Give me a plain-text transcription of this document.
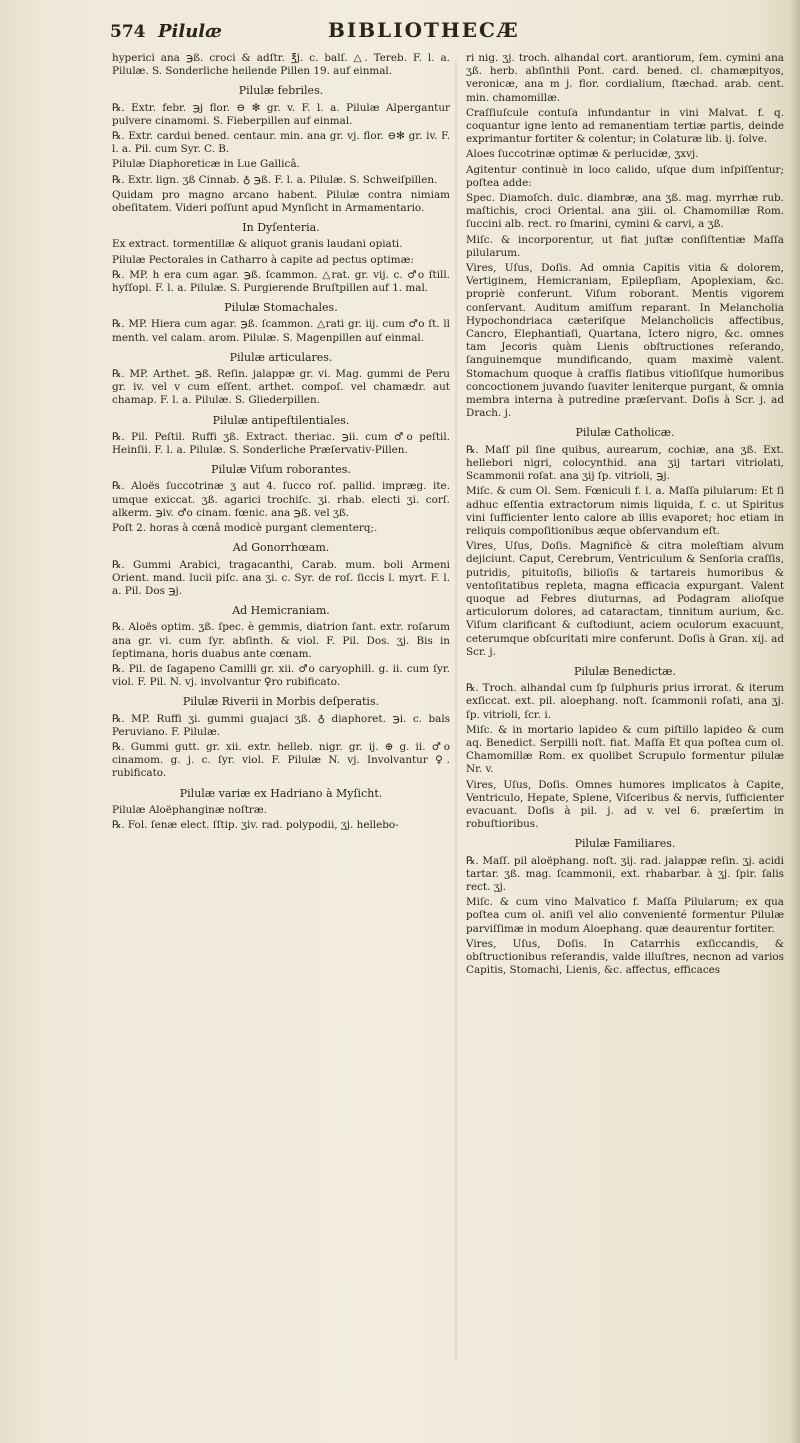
574 Pilulæ	BIBLIOTHECÆ

hyperici ana ℈ß. croci & adſtr. ℥j. c. balſ. △. Tereb. F. l. a. Pilulæ. S. Sonderliche heilende Pillen 19. auf einmal.

Pilulæ febriles.

℞. Extr. febr. ℈j flor. ⊖ ✻ gr. v. F. l. a. Pilulæ Alpergantur pulvere cinamomi. S. Fieberpillen auf einmal.

℞. Extr. cardui bened. centaur. min. ana gr. vj. flor. ⊖✻ gr. iv. F. l. a. Pil. cum Syr. C. B.

Pilulæ Diaphoreticæ in Lue Gallicâ.

℞. Extr. lign. ʒß Cinnab. ♁ ℈ß. F. l. a. Pilulæ. S. Schweiſpillen.

Quidam pro magno arcano habent. Pilulæ contra nimiam obeſitatem. Videri poſſunt apud Mynſicht in Armamentario.

In Dyſenteria.

Ex extract. tormentillæ & aliquot granis laudani opiati.

Pilulæ Pectorales in Catharro à capite ad pectus optimæ:

℞. MP. h era cum agar. ℈ß. ſcammon. △rat. gr. vij. c. ♂o ſtill. hyſſopi. F. l. a. Pilulæ. S. Purgierende Bruſtpillen auf 1. mal.

Pilulæ Stomachales.

℞. MP. Hiera cum agar. ℈ß. ſcammon. △rati gr. iij. cum ♂o ſt. ll menth. vel calam. arom. Pilulæ. S. Magenpillen auf einmal.

Pilulæ articulares.

℞. MP. Arthet. ℈ß. Reſin. jalappæ gr. vi. Mag. gummi de Peru gr. iv. vel v cum eſſent. arthet. compoſ. vel chamædr. aut chamap. F. l. a. Pilulæ. S. Gliederpillen.

Pilulæ antipeſtilentiales.

℞. Pil. Peſtil. Ruffi ʒß. Extract. theriac. ℈ii. cum ♂o peſtil. Heinſii. F. l. a. Pilulæ. S. Sonderliche Præſervativ-Pillen.

Pilulæ Viſum roborantes.

℞. Aloës ſuccotrinæ ʒ aut 4. ſucco roſ. pallid. impræg. ite. umque exiccat. ʒß. agarici trochiſc. ʒi. rhab. electi ʒi. corſ. alkerm. ℈iv. ♂o cinam. fœnic. ana ℈ß. vel ʒß.

Poſt 2. horas à cœnâ modicè purgant clementerq;.

Ad Gonorrhœam.

℞. Gummi Arabici, tragacanthi, Carab. mum. boli Armeni Orient. mand. lucii piſc. ana ʒi. c. Syr. de roſ. ſiccis l. myrt. F. l. a. Pil. Dos ℈j.

Ad Hemicraniam.

℞. Aloës optim. ʒß. ſpec. è gemmis, diatrion ſant. extr. roſarum ana gr. vi. cum ſyr. abſinth. & viol. F. Pil. Dos. ʒj. Bis in ſeptimana, horis duabus ante cœnam.

℞. Pil. de ſagapeno Camilli gr. xii. ♂o caryophill. g. ii. cum ſyr. viol. F. Pil. N. vj. involvantur ♀ro rubificato.

Pilulæ Riverii in Morbis deſperatis.

℞. MP. Ruffi ʒi. gummi guajaci ʒß. ♁ diaphoret. ℈i. c. bals Peruviano. F. Pilulæ.

℞. Gummi gutt. gr. xii. extr. helleb. nigr. gr. ij. ⊕ g. ii. ♂o cinamom. g. j. c. ſyr. viol. F. Pilulæ N. vj. Involvantur ♀. rubificato.

Pilulæ variæ ex Hadriano à Myſicht.

Pilulæ Aloëphanginæ noſtræ.

℞. Fol. ſenæ elect. ſſtip. ʒiv. rad. polypodii, ʒj. hellebo-

ri nig. ʒj. troch. alhandal cort. arantiorum, ſem. cymini ana ʒß. herb. abſinthii Pont. card. bened. cl. chamæpityos, veronicæ, ana m j. flor. cordialium, ſtæchad. arab. cent. min. chamomillæ.

Craſſiuſcule contuſa infundantur in vini Malvat. f. q. coquantur igne lento ad remanentiam tertiæ partis, deinde exprimantur fortiter & colentur; in Colaturæ lib. ij. ſolve.

Aloes ſuccotrinæ optimæ & perlucidæ, ʒxvj.

Agitentur continuè in loco calido, uſque dum inſpiſſentur; poſtea adde:

Spec. Diamoſch. dulc. diambræ, ana ʒß. mag. myrrhæ rub. maſtichis, croci Oriental. ana ʒiii. ol. Chamomillæ Rom. ſuccini alb. rect. ro ſmarini, cymini & carvi, a ʒß.

Miſc. & incorporentur, ut fiat juſtæ conſiſtentiæ Maſſa pilularum.

Vires, Uſus, Doſis. Ad omnia Capitis vitia & dolorem, Vertiginem, Hemicraniam, Epilepſiam, Apoplexiam, &c. propriè conferunt. Viſum roborant. Mentis vigorem conſervant. Auditum amiſſum reparant. In Melancholia Hypochondriaca cæteriſque Melancholicis affectibus, Cancro, Elephantiaſi, Quartana, Ictero nigro, &c. omnes tam Jecoris quàm Lienis obſtructiones reſerando, ſanguinemque mundificando, quam maximè valent. Stomachum quoque à craſſis flatibus vitioſiſque humoribus concoctionem juvando ſuaviter leniterque purgant, & omnia membra interna à putredine præſervant. Doſis à Scr. j. ad Drach. j.

Pilulæ Catholicæ.

℞. Maſſ pil ſine quibus, aurearum, cochiæ, ana ʒß. Ext. hellebori nigri, colocynthid. ana ʒij tartari vitriolati, Scammonii roſat. ana ʒij ſp. vitrioli, ℈j.

Miſc. & cum Ol. Sem. Fœniculi f. l. a. Maſſa pilularum: Et ſi adhuc eſſentia extractorum nimis liquida, f. c. ut Spiritus vini ſufficienter lento calore ab illis evaporet; hoc etiam in reliquis compoſitionibus æque obſervandum eſt.

Vires, Uſus, Doſis. Magnificè & citra moleſtiam alvum dejiciunt. Caput, Cerebrum, Ventriculum & Senſoria craſſis, putridis, pituitoſis, bilioſis & tartareis humoribus & ventoſitatibus repleta, magna efficacia expurgant. Valent quoque ad Febres diuturnas, ad Podagram alioſque articulorum dolores, ad cataractam, tinnitum aurium, &c. Viſum clarificant & cuſtodiunt, aciem oculorum exacuunt, ceterumque obſcuritati mire conferunt. Doſis à Gran. xij. ad Scr. j.

Pilulæ Benedictæ.

℞. Troch. alhandal cum ſp ſulphuris prius irrorat. & iterum exſiccat. ext. pil. aloephang. noſt. ſcammonii roſati, ana ʒj. ſp. vitrioli, ſcr. i.

Miſc. & in mortario lapideo & cum piſtillo lapideo & cum aq. Benedict. Serpilli noſt. fiat. Maſſa Et qua poſtea cum ol. Chamomillæ Rom. ex quolibet Scrupulo formentur pilulæ Nr. v.

Vires, Uſus, Doſis. Omnes humores implicatos à Capite, Ventriculo, Hepate, Splene, Viſceribus & nervis, ſufficienter evacuant. Doſis à pil. j. ad v. vel 6. præſertim in robuſtioribus.

Pilulæ Familiares.

℞. Maſſ. pil aloëphang. noſt. ʒij. rad. jalappæ reſin. ʒj. acidi tartar. ʒß. mag. ſcammonii, ext. rhabarbar. à ʒj. ſpir. ſalis rect. ʒj.

Miſc. & cum vino Malvatico f. Maſſa Pilularum; ex qua poſtea cum ol. aniſi vel alio convenienté formentur Pilulæ parviſſimæ in modum Aloephang. quæ deaurentur fortiter.

Vires, Uſus, Doſis. In Catarrhis exſiccandis, & obſtructionibus reſerandis, valde illuſtres, necnon ad varios Capitis, Stomachi, Lienis, &c. affectus, efficaces
